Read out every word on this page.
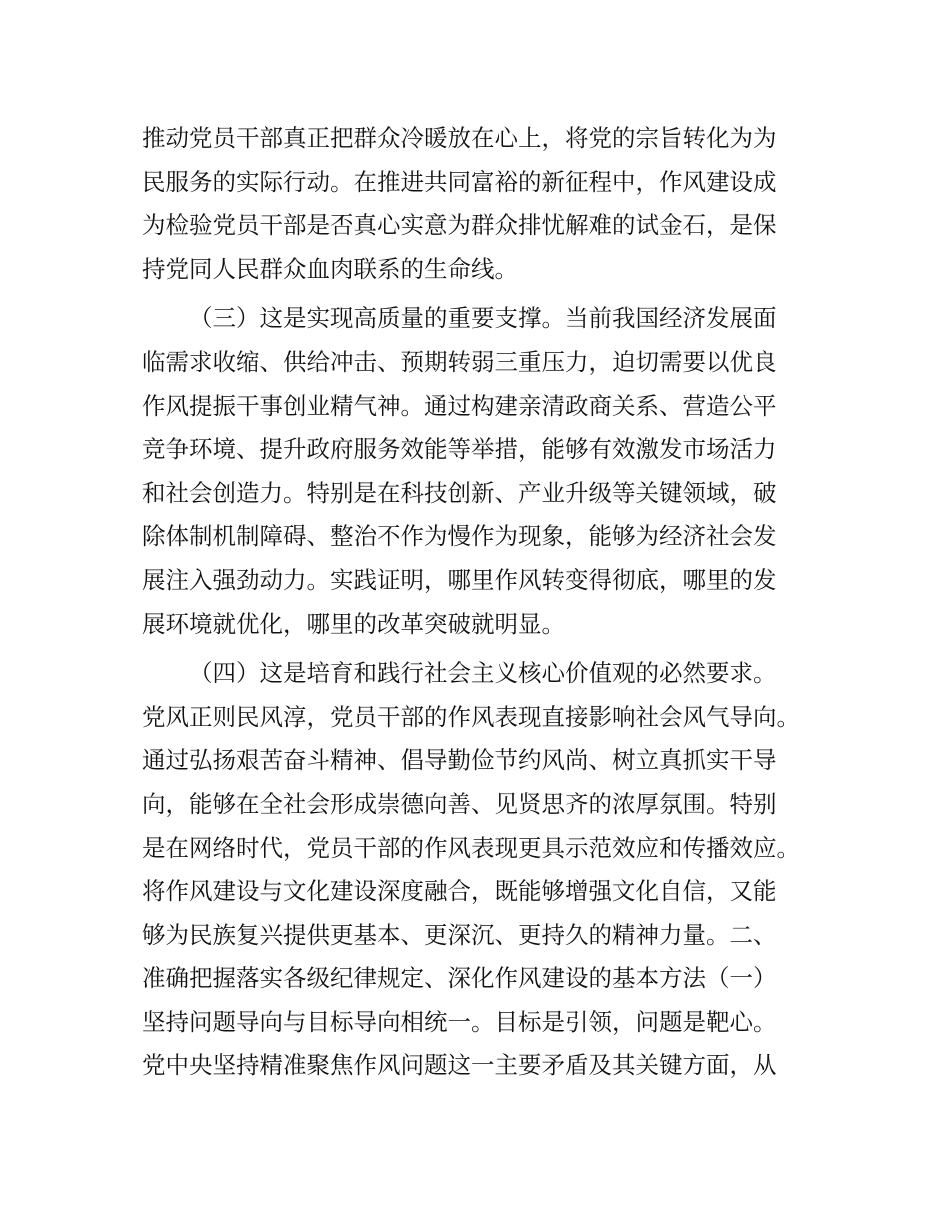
推动党员干部真正把群众冷暖放在心上，将党的宗旨转化为为
民服务的实际行动。在推进共同富裕的新征程中，作风建设成
为检验党员干部是否真心实意为群众排忧解难的试金石，是保
持党同人民群众血肉联系的生命线。
（三）这是实现高质量的重要支撑。当前我国经济发展面
临需求收缩、供给冲击、预期转弱三重压力，迫切需要以优良
作风提振干事创业精气神。通过构建亲清政商关系、营造公平
竞争环境、提升政府服务效能等举措，能够有效激发市场活力
和社会创造力。特别是在科技创新、产业升级等关键领域，破
除体制机制障碍、整治不作为慢作为现象，能够为经济社会发
展注入强劲动力。实践证明，哪里作风转变得彻底，哪里的发
展环境就优化，哪里的改革突破就明显。
（四）这是培育和践行社会主义核心价值观的必然要求。
党风正则民风淳，党员干部的作风表现直接影响社会风气导向。
通过弘扬艰苦奋斗精神、倡导勤俭节约风尚、树立真抓实干导
向，能够在全社会形成崇德向善、见贤思齐的浓厚氛围。特别
是在网络时代，党员干部的作风表现更具示范效应和传播效应。
将作风建设与文化建设深度融合，既能够增强文化自信，又能
够为民族复兴提供更基本、更深沉、更持久的精神力量。二、
准确把握落实各级纪律规定、深化作风建设的基本方法（一）
坚持问题导向与目标导向相统一。目标是引领，问题是靶心。
党中央坚持精准聚焦作风问题这一主要矛盾及其关键方面，从
